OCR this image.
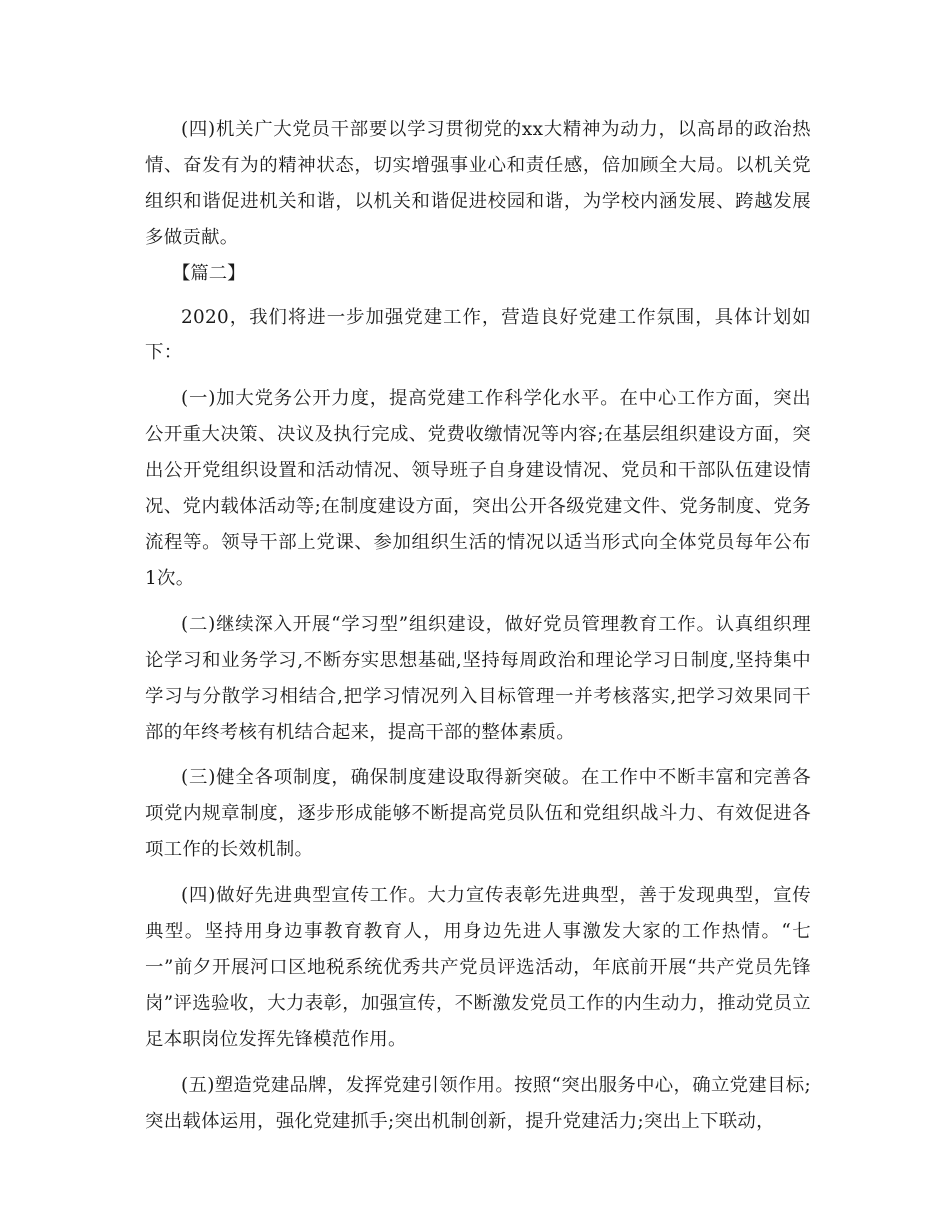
(四)机关广大党员干部要以学习贯彻党的xx大精神为动力，以高昂的政治热情、奋发有为的精神状态，切实增强事业心和责任感，倍加顾全大局。以机关党组织和谐促进机关和谐，以机关和谐促进校园和谐，为学校内涵发展、跨越发展多做贡献。

【篇二】

2020，我们将进一步加强党建工作，营造良好党建工作氛围，具体计划如下：

(一)加大党务公开力度，提高党建工作科学化水平。在中心工作方面，突出公开重大决策、决议及执行完成、党费收缴情况等内容;在基层组织建设方面，突出公开党组织设置和活动情况、领导班子自身建设情况、党员和干部队伍建设情况、党内载体活动等;在制度建设方面，突出公开各级党建文件、党务制度、党务流程等。领导干部上党课、参加组织生活的情况以适当形式向全体党员每年公布1次。

(二)继续深入开展“学习型”组织建设，做好党员管理教育工作。认真组织理论学习和业务学习,不断夯实思想基础,坚持每周政治和理论学习日制度,坚持集中学习与分散学习相结合,把学习情况列入目标管理一并考核落实,把学习效果同干部的年终考核有机结合起来，提高干部的整体素质。

(三)健全各项制度，确保制度建设取得新突破。在工作中不断丰富和完善各项党内规章制度，逐步形成能够不断提高党员队伍和党组织战斗力、有效促进各项工作的长效机制。

(四)做好先进典型宣传工作。大力宣传表彰先进典型，善于发现典型，宣传典型。坚持用身边事教育教育人，用身边先进人事激发大家的工作热情。“七一”前夕开展河口区地税系统优秀共产党员评选活动，年底前开展“共产党员先锋岗”评选验收，大力表彰，加强宣传，不断激发党员工作的内生动力，推动党员立足本职岗位发挥先锋模范作用。

(五)塑造党建品牌，发挥党建引领作用。按照“突出服务中心，确立党建目标;突出载体运用，强化党建抓手;突出机制创新，提升党建活力;突出上下联动，
